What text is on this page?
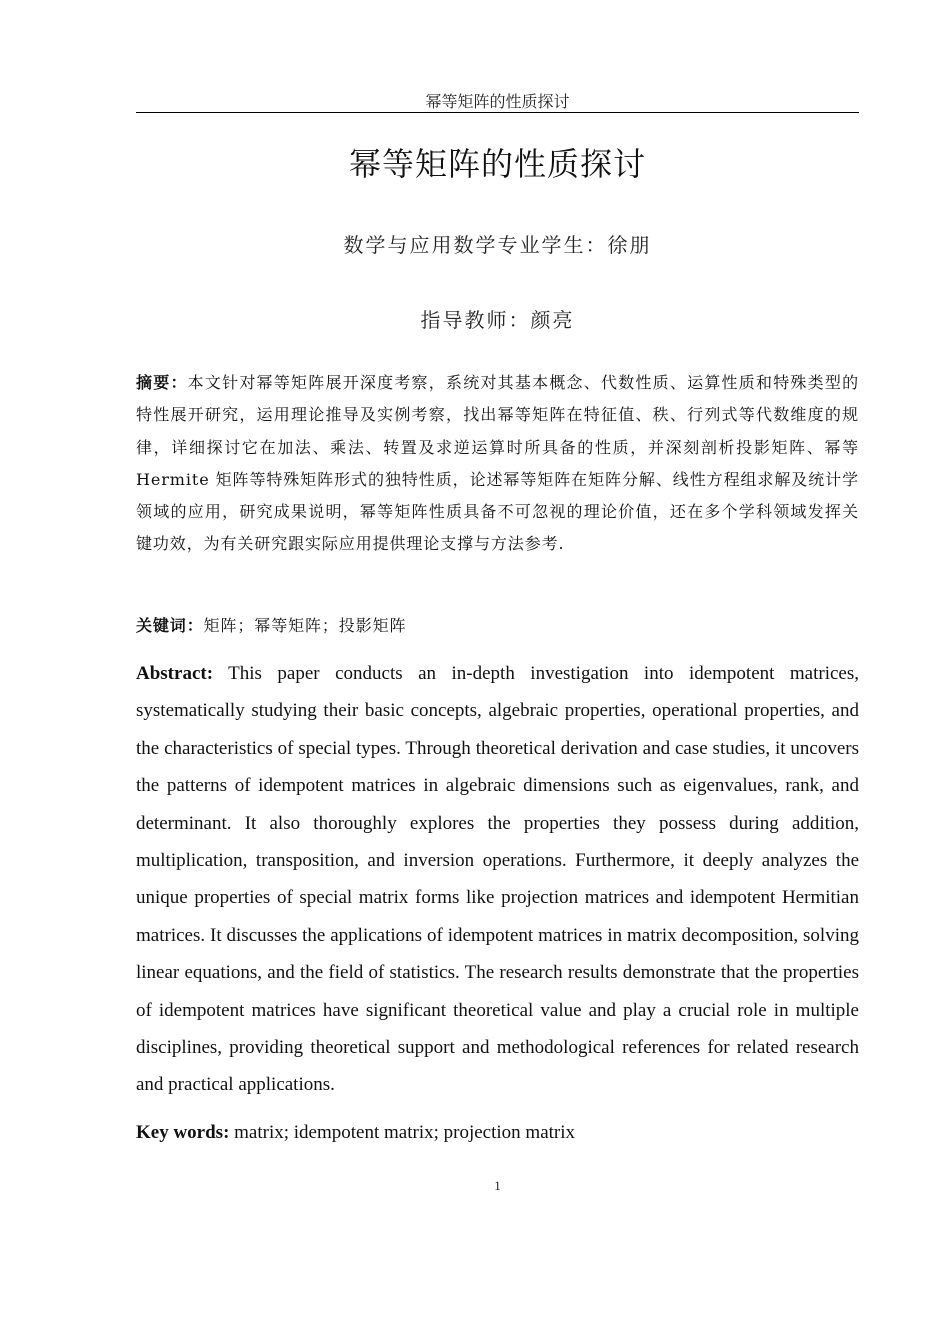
幂等矩阵的性质探讨
幂等矩阵的性质探讨
数学与应用数学专业学生：徐朋
指导教师：颜亮
摘要：本文针对幂等矩阵展开深度考察，系统对其基本概念、代数性质、运算性质和特殊类型的特性展开研究，运用理论推导及实例考察，找出幂等矩阵在特征值、秩、行列式等代数维度的规律，详细探讨它在加法、乘法、转置及求逆运算时所具备的性质，并深刻剖析投影矩阵、幂等 Hermite 矩阵等特殊矩阵形式的独特性质，论述幂等矩阵在矩阵分解、线性方程组求解及统计学领域的应用，研究成果说明，幂等矩阵性质具备不可忽视的理论价值，还在多个学科领域发挥关键功效，为有关研究跟实际应用提供理论支撑与方法参考.
关键词：矩阵；幂等矩阵；投影矩阵
Abstract: This paper conducts an in-depth investigation into idempotent matrices, systematically studying their basic concepts, algebraic properties, operational properties, and the characteristics of special types. Through theoretical derivation and case studies, it uncovers the patterns of idempotent matrices in algebraic dimensions such as eigenvalues, rank, and determinant. It also thoroughly explores the properties they possess during addition, multiplication, transposition, and inversion operations. Furthermore, it deeply analyzes the unique properties of special matrix forms like projection matrices and idempotent Hermitian matrices. It discusses the applications of idempotent matrices in matrix decomposition, solving linear equations, and the field of statistics. The research results demonstrate that the properties of idempotent matrices have significant theoretical value and play a crucial role in multiple disciplines, providing theoretical support and methodological references for related research and practical applications.
Key words: matrix; idempotent matrix; projection matrix
1
